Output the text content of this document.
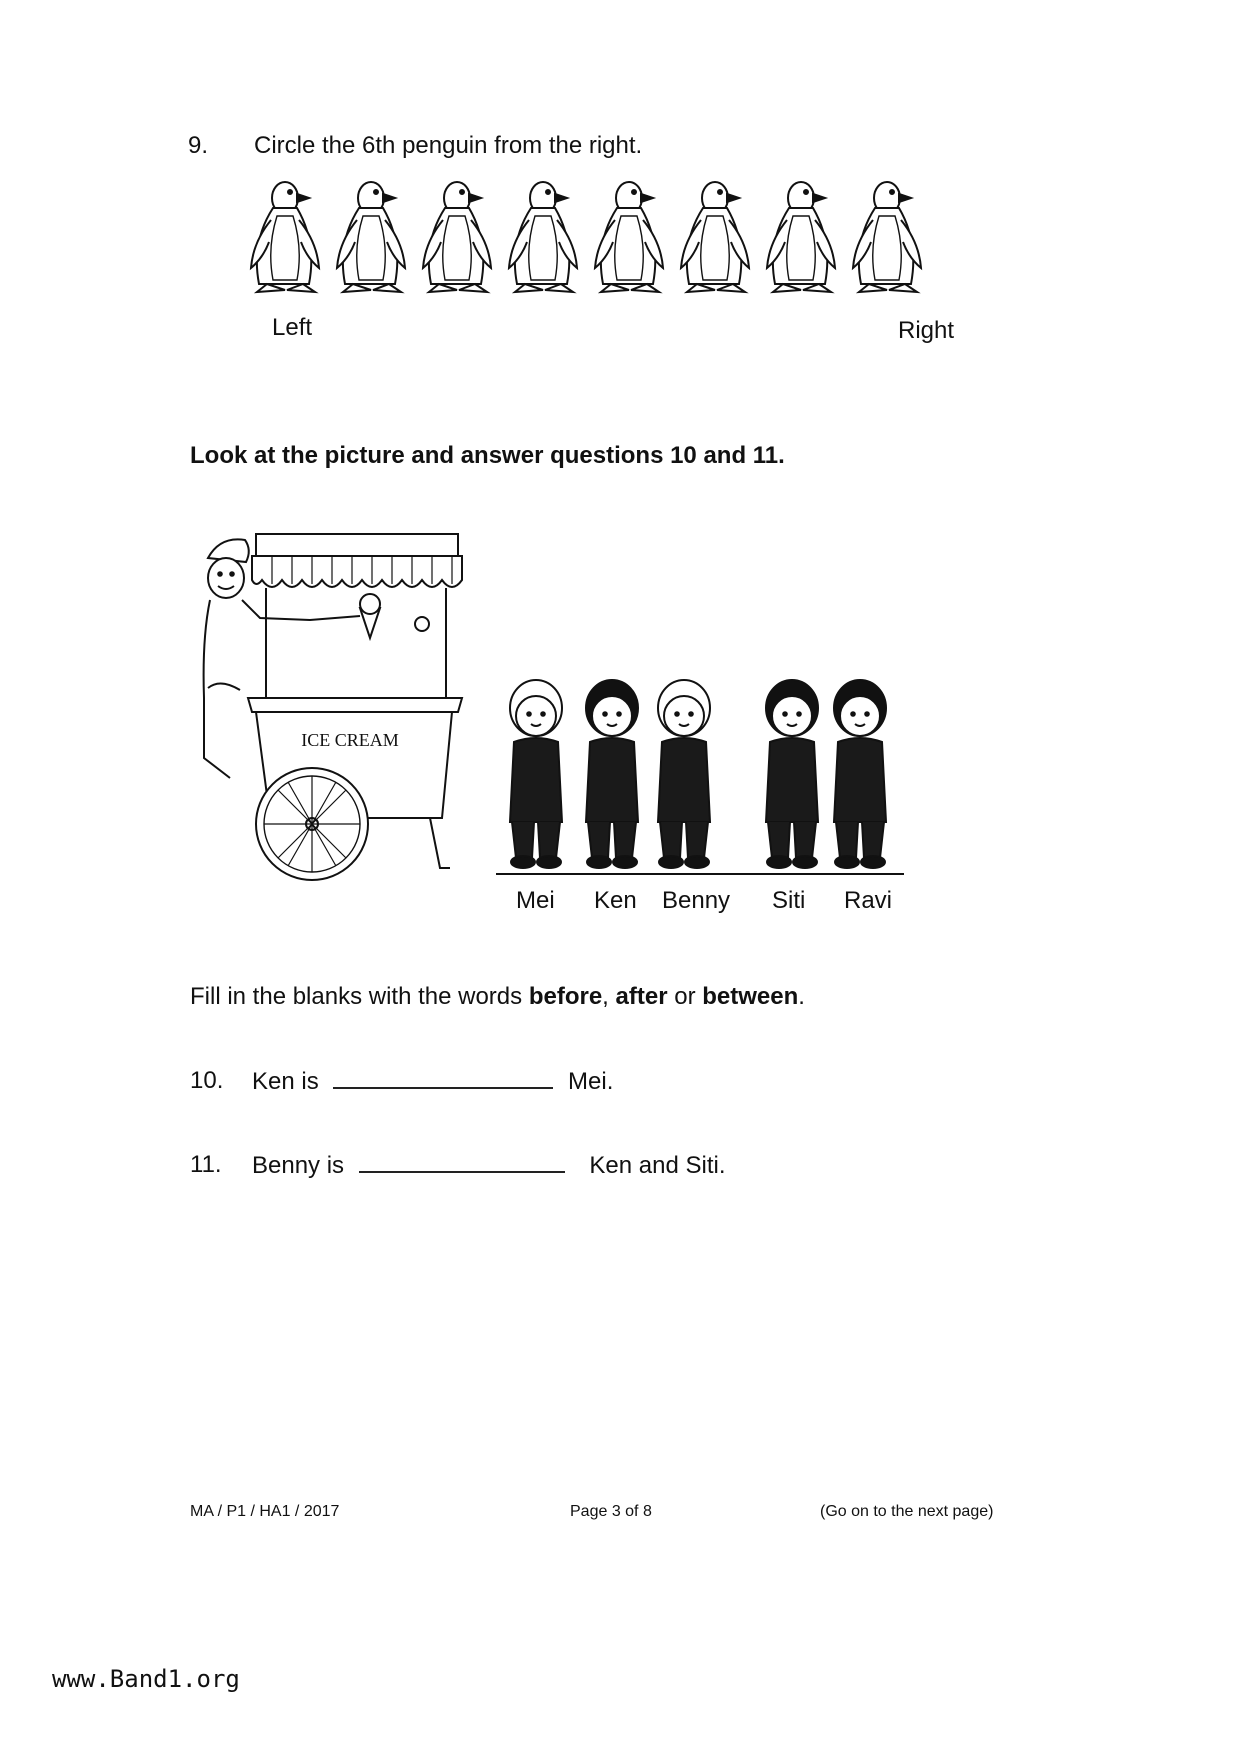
9. Circle the 6th penguin from the right.
Left	Right
Look at the picture and answer questions 10 and 11.
ICE CREAM
Mei Ken Benny Siti Ravi
Fill in the blanks with the words before, after or between.
10. Ken is	Mei.
11. Benny is	Ken and Siti.
MA / P1 / HA1 / 2017	Page 3 of 8	(Go on to the next page)
www.Band1.org
